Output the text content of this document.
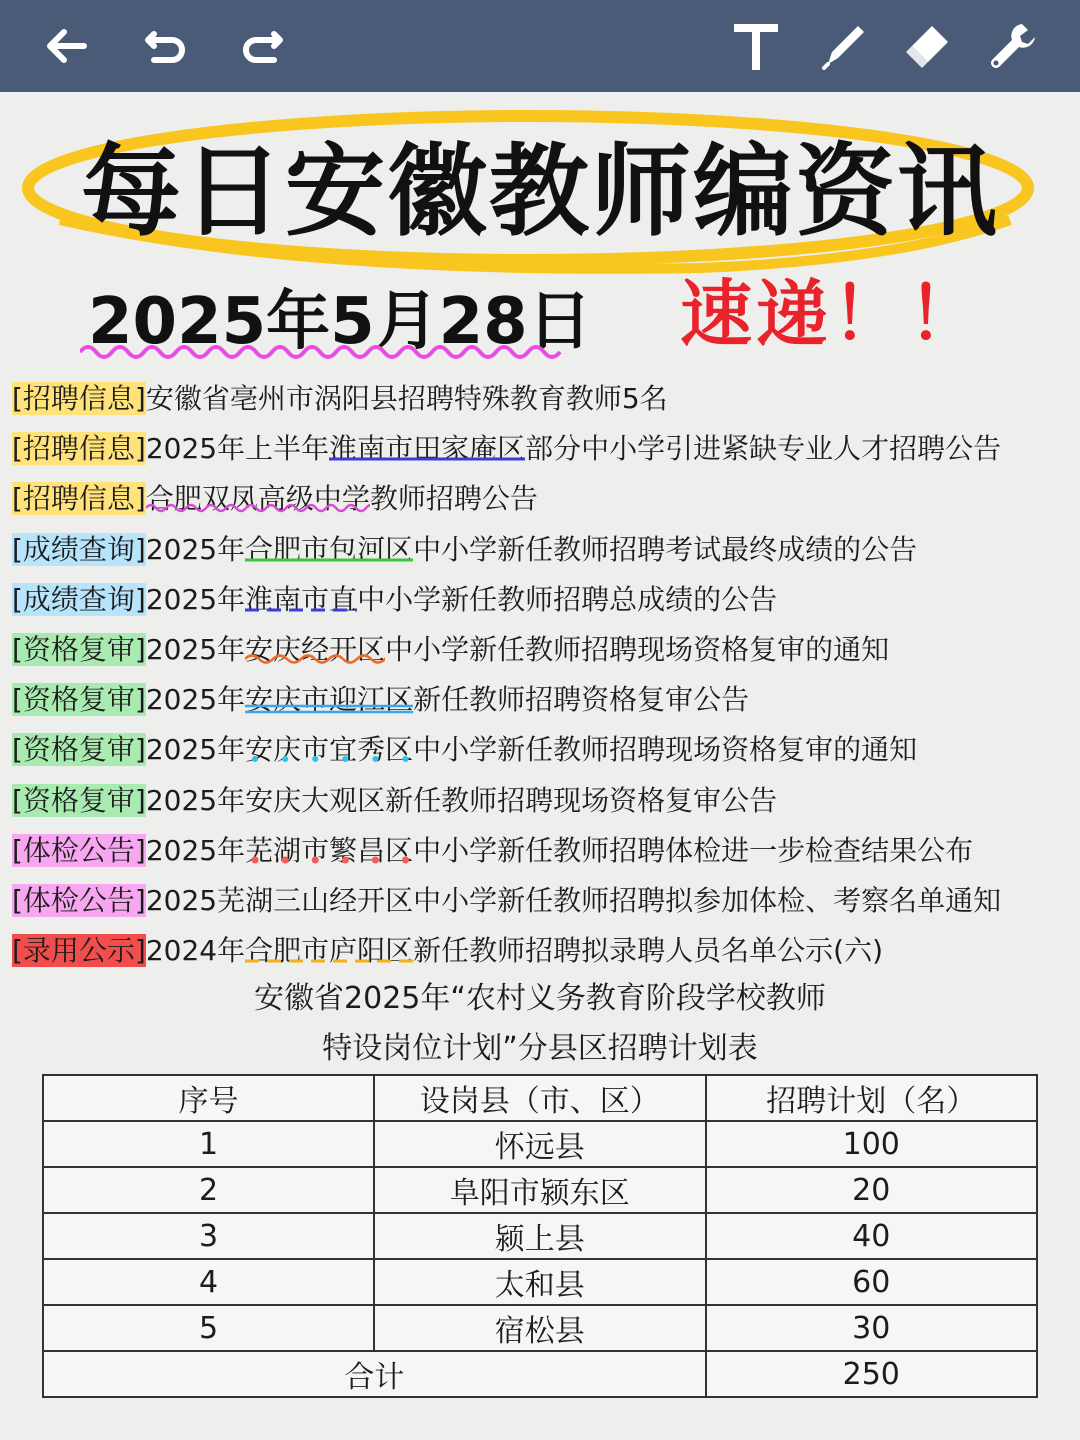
每日安徽教师编资讯
2025年5月28日 速递！！
[招聘信息]安徽省亳州市涡阳县招聘特殊教育教师5名
[招聘信息]2025年上半年淮南市田家庵区
部分中小学引进紧缺专业人才招聘公告
[招聘信息]合肥双凤高级中学
教师招聘公告
[成绩查询]2025年合肥市包河区
中小学新任教师招聘考试最终成绩的公告
[成绩查询]2025年淮南市直
中小学新任教师招聘总成绩的公告
[资格复审]2025年安庆经开区
中小学新任教师招聘现场资格复审的通知
[资格复审]2025年安庆市迎江区
新任教师招聘资格复审公告
[资格复审]2025年安庆市宜秀区
中小学新任教师招聘现场资格复审的通知
[资格复审]2025年安庆大观区
新任教师招聘现场资格复审公告
[体检公告]2025年芜湖市繁昌区
中小学新任教师招聘体检进一步检查结果公布
[体检公告]2025芜湖三山经开区
中小学新任教师招聘拟参加体检、考察名单通知
[录用公示]2024年合肥市庐阳区
新任教师招聘拟录聘人员名单公示(六)
安徽省2025年“农村义务教育阶段学校教师
特设岗位计划”分县区招聘计划表
序号	设岗县（市、区）	招聘计划（名）
1	怀远县	100
2	阜阳市颍东区	20
3	颍上县	40
4	太和县	60
5	宿松县	30
合计		250
